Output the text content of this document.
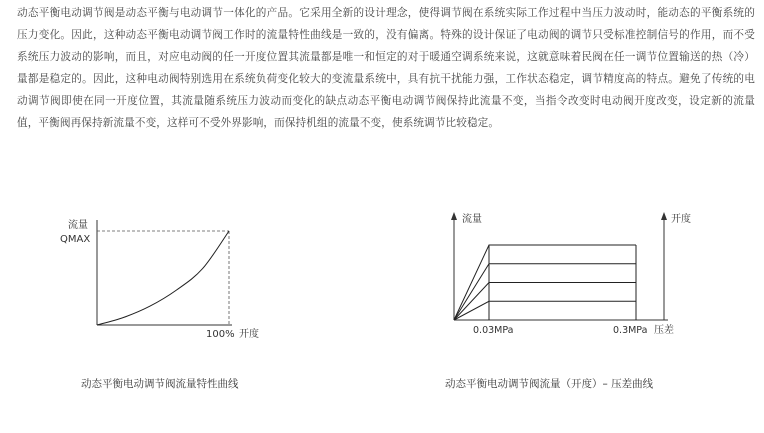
动态平衡电动调节阀是动态平衡与电动调节一体化的产品。它采用全新的设计理念，使得调节阀在系统实际工作过程中当压力波动时，能动态的平衡系统的压力变化。因此，这种动态平衡电动调节阀工作时的流量特性曲线是一致的，没有偏离。特殊的设计保证了电动阀的调节只受标准控制信号的作用，而不受系统压力波动的影响，而且，对应电动阀的任一开度位置其流量都是唯一和恒定的对于暖通空调系统来说，这就意味着民阀在任一调节位置输送的热（冷）量都是稳定的。因此，这种电动阀特别选用在系统负荷变化较大的变流量系统中，具有抗干扰能力强，工作状态稳定，调节精度高的特点。避免了传统的电动调节阀即使在同一开度位置，其流量随系统压力波动而变化的缺点动态平衡电动调节阀保持此流量不变，当指令改变时电动阀开度改变，设定新的流量值，平衡阀再保持新流量不变，这样可不受外界影响，而保持机组的流量不变，使系统调节比较稳定。

流量
QMAX
100% 开度
流量	开度
0.03MPa	0.3MPa 压差
动态平衡电动调节阀流量特性曲线	动态平衡电动调节阀流量（开度）– 压差曲线
